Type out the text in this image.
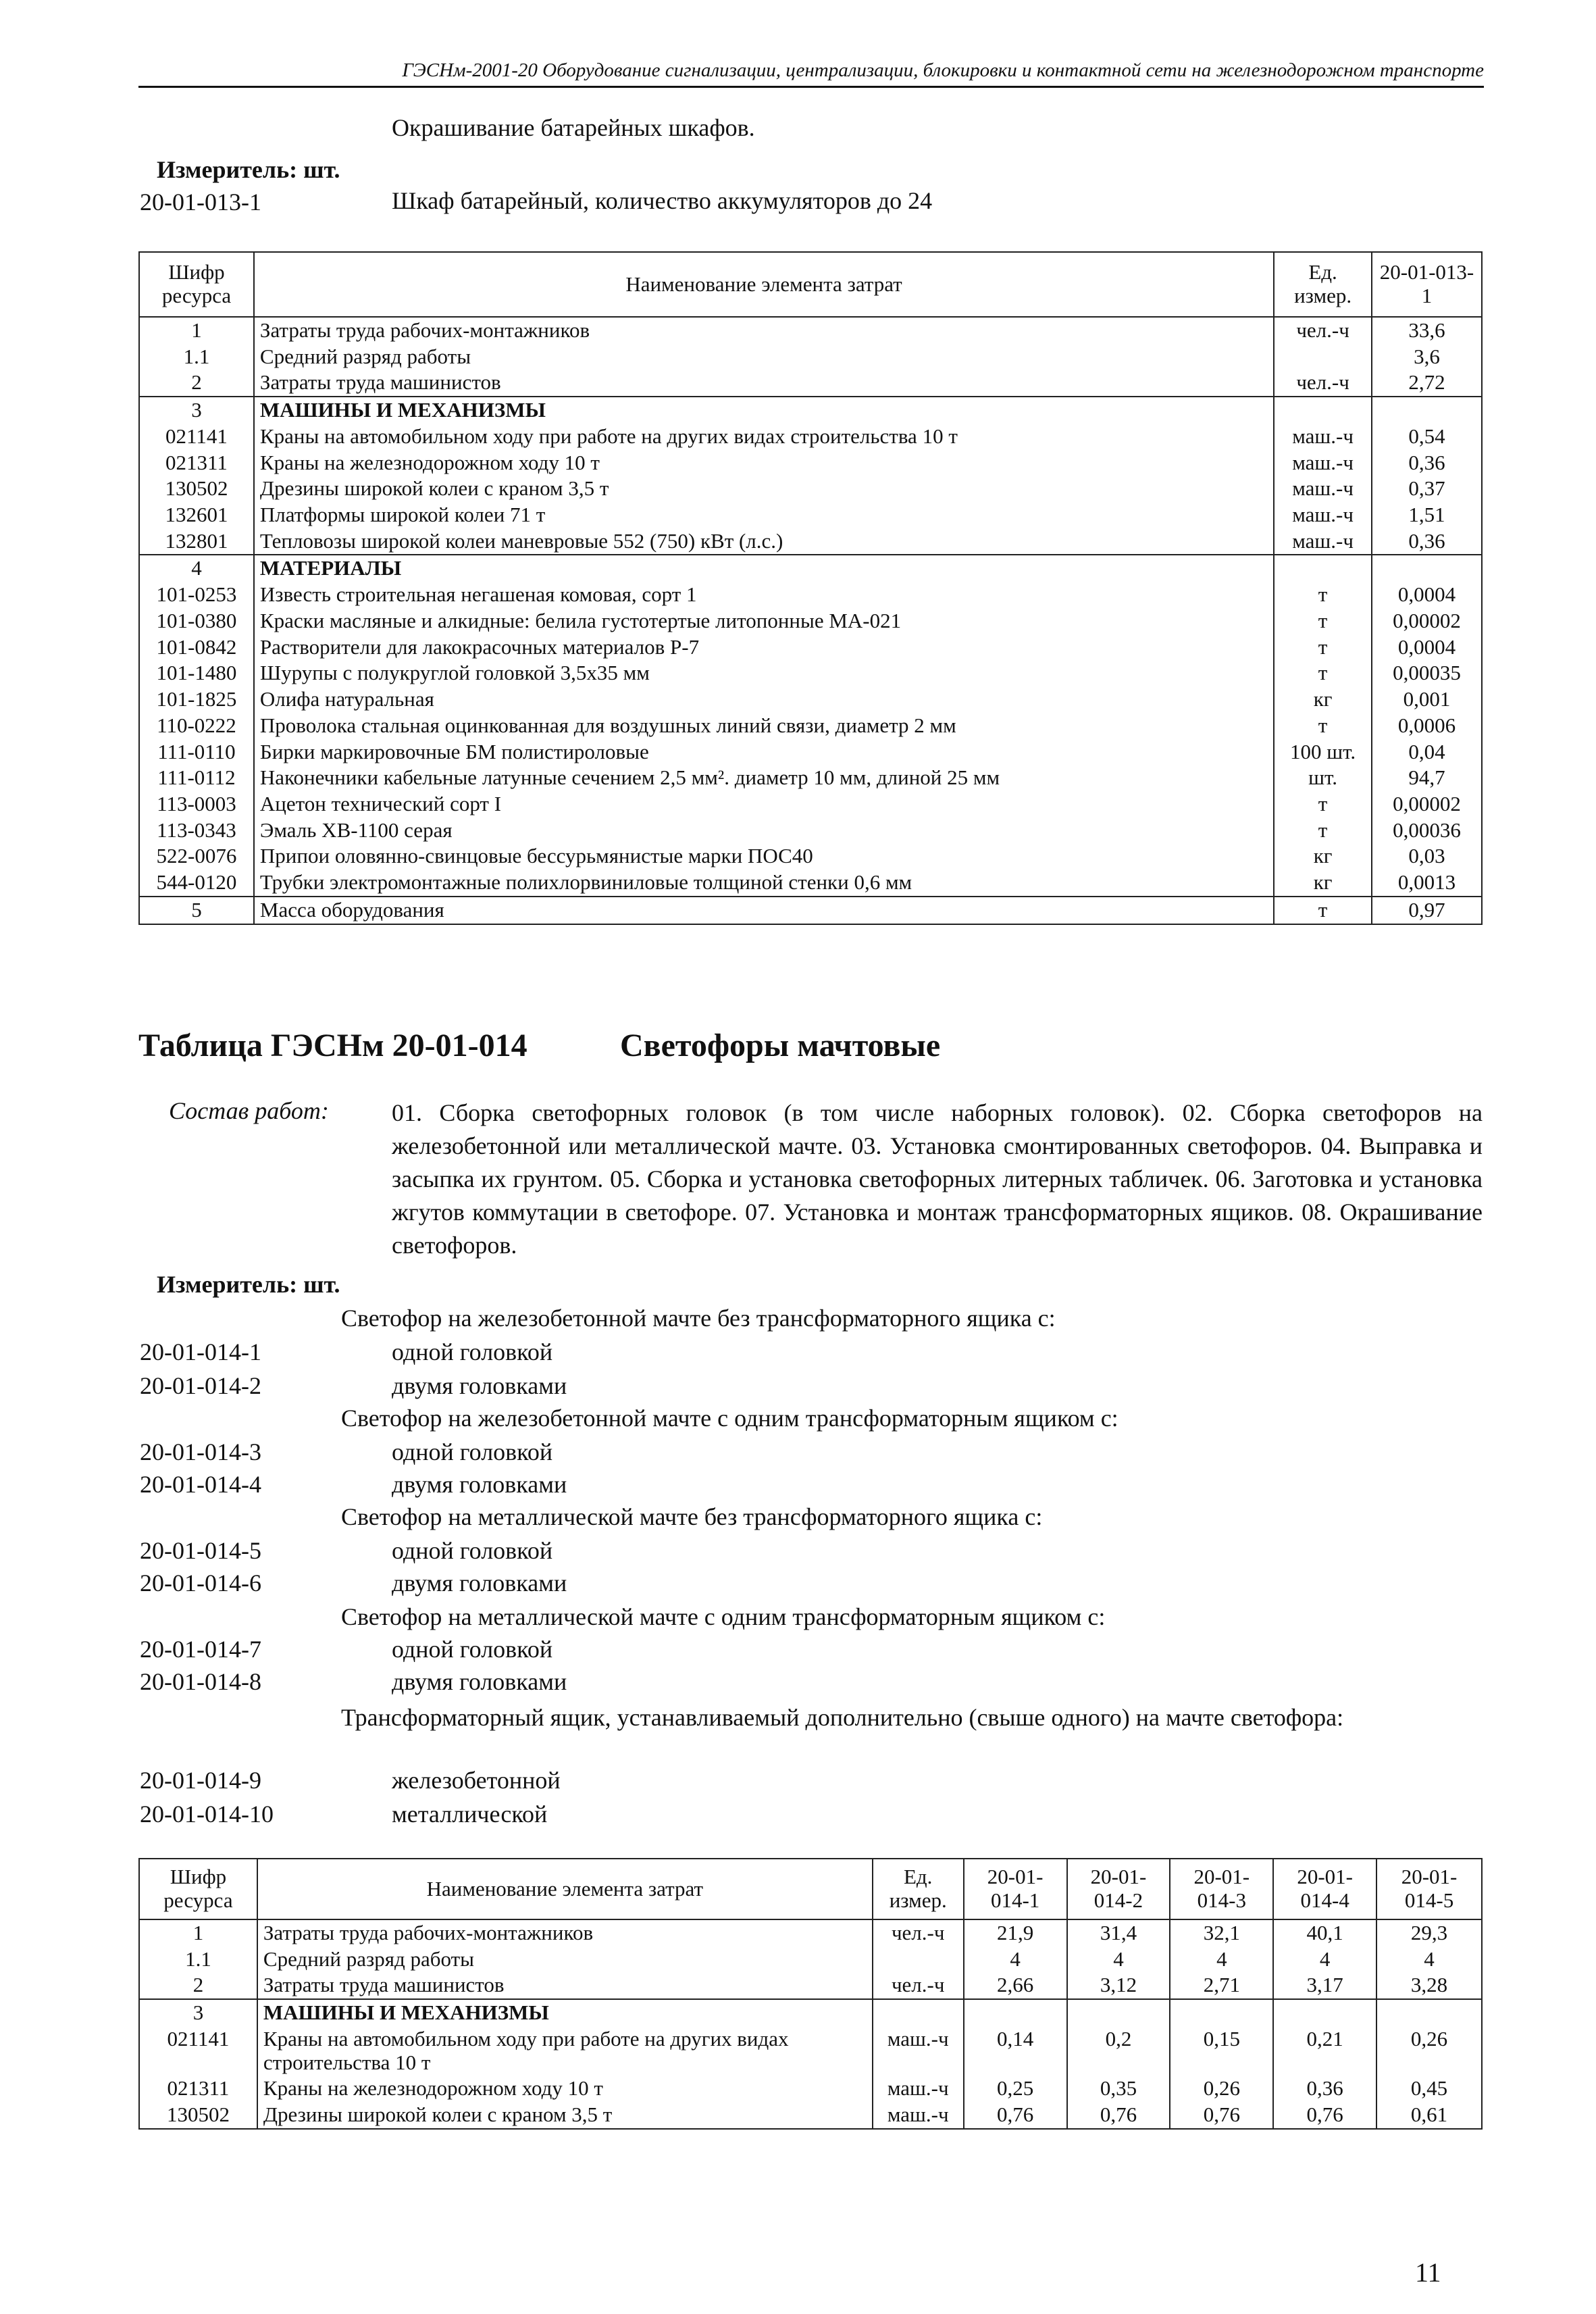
ГЭСНм-2001-20 Оборудование сигнализации, централизации, блокировки и контактной сети на железнодорожном транспорте
Окрашивание батарейных шкафов.
Измеритель: шт.
20-01-013-1	Шкаф батарейный, количество аккумуляторов до 24
Шифр ресурса	Наименование элемента затрат	Ед. измер.	20-01-013-1
1	Затраты труда рабочих-монтажников	чел.-ч	33,6
1.1	Средний разряд работы		3,6
2	Затраты труда машинистов	чел.-ч	2,72
3	МАШИНЫ И МЕХАНИЗМЫ		
021141	Краны на автомобильном ходу при работе на других видах строительства 10 т	маш.-ч	0,54
021311	Краны на железнодорожном ходу 10 т	маш.-ч	0,36
130502	Дрезины широкой колеи с краном 3,5 т	маш.-ч	0,37
132601	Платформы широкой колеи 71 т	маш.-ч	1,51
132801	Тепловозы широкой колеи маневровые 552 (750) кВт (л.с.)	маш.-ч	0,36
4	МАТЕРИАЛЫ		
101-0253	Известь строительная негашеная комовая, сорт 1	т	0,0004
101-0380	Краски масляные и алкидные: белила густотертые литопонные МА-021	т	0,00002
101-0842	Растворители для лакокрасочных материалов Р-7	т	0,0004
101-1480	Шурупы с полукруглой головкой 3,5х35 мм	т	0,00035
101-1825	Олифа натуральная	кг	0,001
110-0222	Проволока стальная оцинкованная для воздушных линий связи, диаметр 2 мм	т	0,0006
111-0110	Бирки маркировочные БМ полистироловые	100 шт.	0,04
111-0112	Наконечники кабельные латунные сечением 2,5 мм². диаметр 10 мм, длиной 25 мм	шт.	94,7
113-0003	Ацетон технический сорт I	т	0,00002
113-0343	Эмаль ХВ-1100 серая	т	0,00036
522-0076	Припои оловянно-свинцовые бессурьмянистые марки ПОС40	кг	0,03
544-0120	Трубки электромонтажные полихлорвиниловые толщиной стенки 0,6 мм	кг	0,0013
5	Масса оборудования	т	0,97
Таблица ГЭСНм 20-01-014	Светофоры мачтовые
Состав работ:	01. Сборка светофорных головок (в том числе наборных головок). 02. Сборка светофоров на железобетонной или металлической мачте. 03. Установка смонтированных светофоров. 04. Выправка и засыпка их грунтом. 05. Сборка и установка светофорных литерных табличек. 06. Заготовка и установка жгутов коммутации в светофоре. 07. Установка и монтаж трансформаторных ящиков. 08. Окрашивание светофоров.
Измеритель: шт.
Светофор на железобетонной мачте без трансформаторного ящика с:
20-01-014-1	одной головкой
20-01-014-2	двумя головками
Светофор на железобетонной мачте с одним трансформаторным ящиком с:
20-01-014-3	одной головкой
20-01-014-4	двумя головками
Светофор на металлической мачте без трансформаторного ящика с:
20-01-014-5	одной головкой
20-01-014-6	двумя головками
Светофор на металлической мачте с одним трансформаторным ящиком с:
20-01-014-7	одной головкой
20-01-014-8	двумя головками
Трансформаторный ящик, устанавливаемый дополнительно (свыше одного) на мачте светофора:
20-01-014-9	железобетонной
20-01-014-10	металлической
Шифр ресурса	Наименование элемента затрат	Ед. измер.	20-01-014-1	20-01-014-2	20-01-014-3	20-01-014-4	20-01-014-5
1	Затраты труда рабочих-монтажников	чел.-ч	21,9	31,4	32,1	40,1	29,3
1.1	Средний разряд работы		4	4	4	4	4
2	Затраты труда машинистов	чел.-ч	2,66	3,12	2,71	3,17	3,28
3	МАШИНЫ И МЕХАНИЗМЫ						
021141	Краны на автомобильном ходу при работе на других видах строительства 10 т	маш.-ч	0,14	0,2	0,15	0,21	0,26
021311	Краны на железнодорожном ходу 10 т	маш.-ч	0,25	0,35	0,26	0,36	0,45
130502	Дрезины широкой колеи с краном 3,5 т	маш.-ч	0,76	0,76	0,76	0,76	0,61
11
